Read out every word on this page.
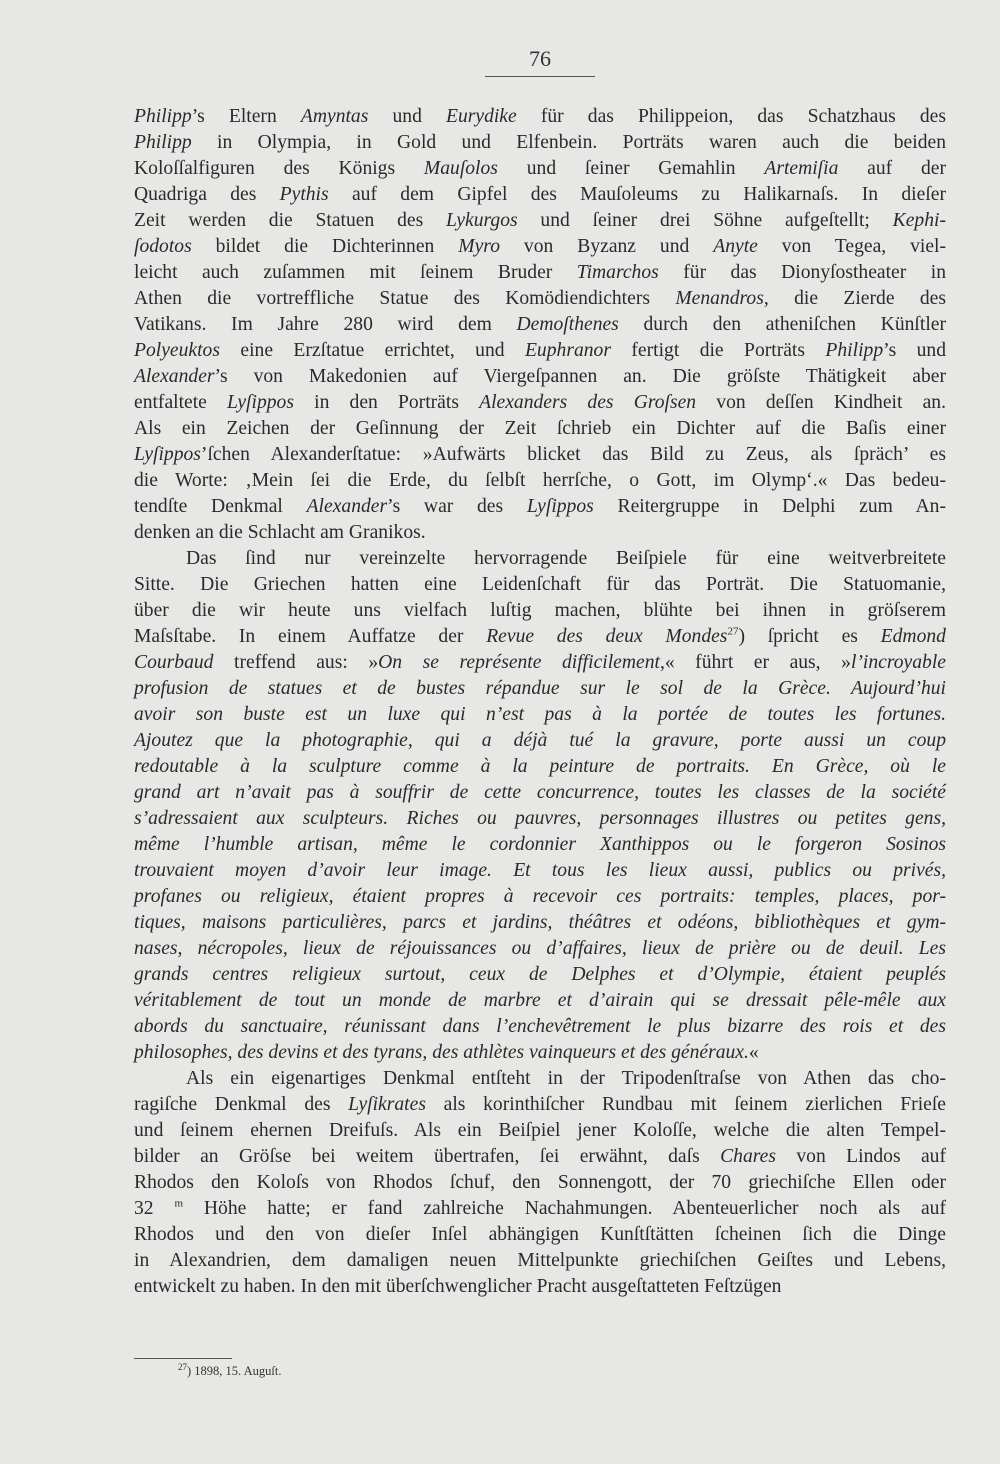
76
Philipp’s Eltern Amyntas und Eurydike für das Philippeion, das Schatzhaus des
Philipp in Olympia, in Gold und Elfenbein. Porträts waren auch die beiden
Koloſſalfiguren des Königs Mauſolos und ſeiner Gemahlin Artemiſia auf der
Quadriga des Pythis auf dem Gipfel des Mauſoleums zu Halikarnaſs. In dieſer
Zeit werden die Statuen des Lykurgos und ſeiner drei Söhne aufgeſtellt; Kephi-
ſodotos bildet die Dichterinnen Myro von Byzanz und Anyte von Tegea, viel-
leicht auch zuſammen mit ſeinem Bruder Timarchos für das Dionyſostheater in
Athen die vortreffliche Statue des Komödiendichters Menandros, die Zierde des
Vatikans. Im Jahre 280 wird dem Demoſthenes durch den atheniſchen Künſtler
Polyeuktos eine Erzſtatue errichtet, und Euphranor fertigt die Porträts Philipp’s und
Alexander’s von Makedonien auf Viergeſpannen an. Die gröſste Thätigkeit aber
entfaltete Lyſippos in den Porträts Alexanders des Groſsen von deſſen Kindheit an.
Als ein Zeichen der Geſinnung der Zeit ſchrieb ein Dichter auf die Baſis einer
Lyſippos’ſchen Alexanderſtatue: »Aufwärts blicket das Bild zu Zeus, als ſpräch’ es
die Worte: ‚Mein ſei die Erde, du ſelbſt herrſche, o Gott, im Olymp‘.« Das bedeu-
tendſte Denkmal Alexander’s war des Lyſippos Reitergruppe in Delphi zum An-
denken an die Schlacht am Granikos.
Das ſind nur vereinzelte hervorragende Beiſpiele für eine weitverbreitete
Sitte. Die Griechen hatten eine Leidenſchaft für das Porträt. Die Statuomanie,
über die wir heute uns vielfach luſtig machen, blühte bei ihnen in gröſserem
Maſsſtabe. In einem Auffatze der Revue des deux Mondes$^{27}$) ſpricht es Edmond
Courbaud treffend aus: »On se représente difficilement,« führt er aus, »l’incroyable
profusion de statues et de bustes répandue sur le sol de la Grèce. Aujourd’hui
avoir son buste est un luxe qui n’est pas à la portée de toutes les fortunes.
Ajoutez que la photographie, qui a déjà tué la gravure, porte aussi un coup
redoutable à la sculpture comme à la peinture de portraits. En Grèce, où le
grand art n’avait pas à souffrir de cette concurrence, toutes les classes de la société
s’adressaient aux sculpteurs. Riches ou pauvres, personnages illustres ou petites gens,
même l’humble artisan, même le cordonnier Xanthippos ou le forgeron Sosinos
trouvaient moyen d’avoir leur image. Et tous les lieux aussi, publics ou privés,
profanes ou religieux, étaient propres à recevoir ces portraits: temples, places, por-
tiques, maisons particulières, parcs et jardins, théâtres et odéons, bibliothèques et gym-
nases, nécropoles, lieux de réjouissances ou d’affaires, lieux de prière ou de deuil. Les
grands centres religieux surtout, ceux de Delphes et d’Olympie, étaient peuplés
véritablement de tout un monde de marbre et d’airain qui se dressait pêle-mêle aux
abords du sanctuaire, réunissant dans l’enchevêtrement le plus bizarre des rois et des
philosophes, des devins et des tyrans, des athlètes vainqueurs et des généraux.«
Als ein eigenartiges Denkmal entſteht in der Tripodenſtraſse von Athen das cho-
ragiſche Denkmal des Lyſikrates als korinthiſcher Rundbau mit ſeinem zierlichen Frieſe
und ſeinem ehernen Dreifuſs. Als ein Beiſpiel jener Koloſſe, welche die alten Tempel-
bilder an Gröſse bei weitem übertrafen, ſei erwähnt, daſs Chares von Lindos auf
Rhodos den Koloſs von Rhodos ſchuf, den Sonnengott, der 70 griechiſche Ellen oder
32 $^m$ Höhe hatte; er fand zahlreiche Nachahmungen. Abenteuerlicher noch als auf
Rhodos und den von dieſer Inſel abhängigen Kunſtſtätten ſcheinen ſich die Dinge
in Alexandrien, dem damaligen neuen Mittelpunkte griechiſchen Geiſtes und Lebens,
entwickelt zu haben. In den mit überſchwenglicher Pracht ausgeſtatteten Feſtzügen
$^{27}$) 1898, 15. Auguſt.
